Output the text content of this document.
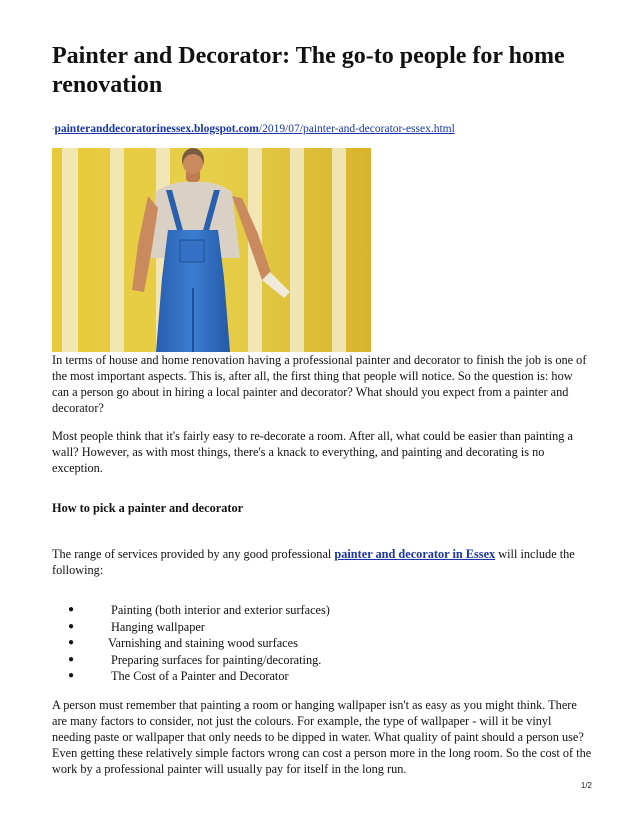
Painter and Decorator: The go-to people for home renovation
"painteranddecoratorinessex.blogspot.com/2019/07/painter-and-decorator-essex.html

In terms of house and home renovation having a professional painter and decorator to finish the job is one of the most important aspects. This is, after all, the first thing that people will notice. So the question is: how can a person go about in hiring a local painter and decorator? What should you expect from a painter and decorator?

Most people think that it's fairly easy to re-decorate a room. After all, what could be easier than painting a wall? However, as with most things, there's a knack to everything, and painting and decorating is no exception.

How to pick a painter and decorator

The range of services provided by any good professional painter and decorator in Essex will include the following:

●	Painting (both interior and exterior surfaces)
●	Hanging wallpaper
●	Varnishing and staining wood surfaces
●	Preparing surfaces for painting/decorating.
●	The Cost of a Painter and Decorator

A person must remember that painting a room or hanging wallpaper isn't as easy as you might think. There are many factors to consider, not just the colours. For example, the type of wallpaper - will it be vinyl needing paste or wallpaper that only needs to be dipped in water. What quality of paint should a person use? Even getting these relatively simple factors wrong can cost a person more in the long room. So the cost of the work by a professional painter will usually pay for itself in the long run.

1/2
